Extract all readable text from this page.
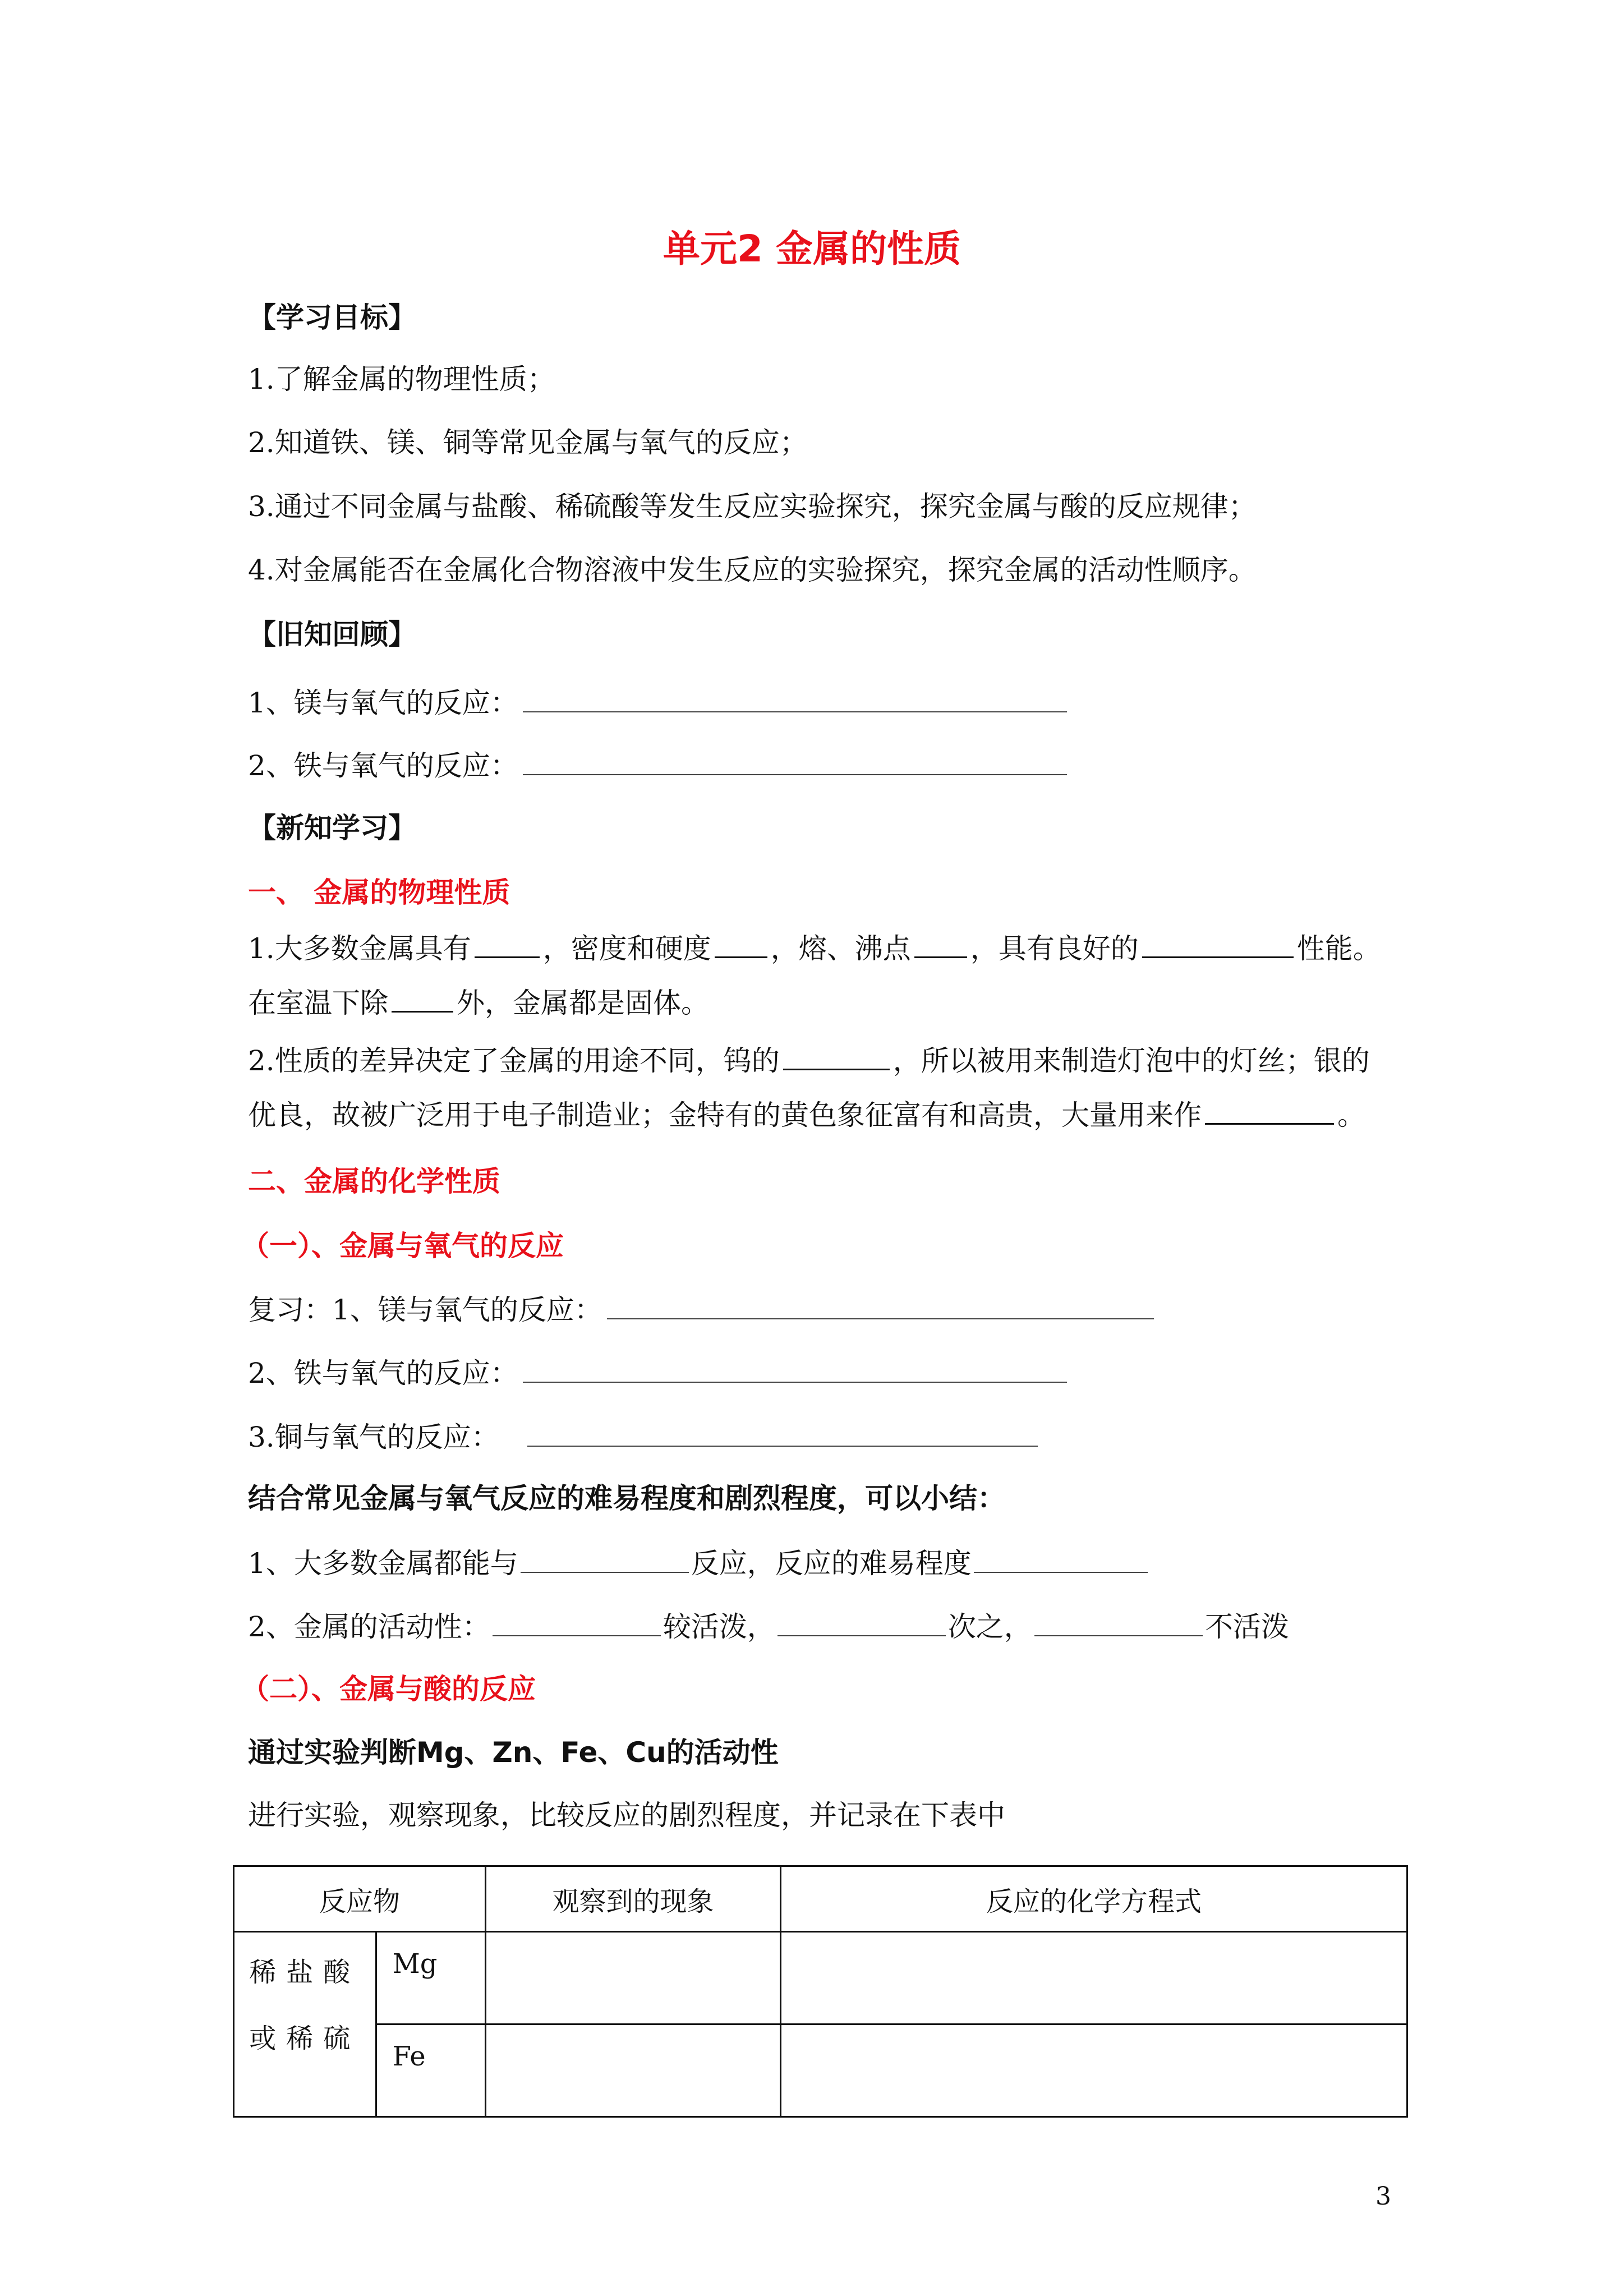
单元2 金属的性质
【学习目标】
1.了解金属的物理性质；
2.知道铁、镁、铜等常见金属与氧气的反应；
3.通过不同金属与盐酸、稀硫酸等发生反应实验探究，探究金属与酸的反应规律；
4.对金属能否在金属化合物溶液中发生反应的实验探究，探究金属的活动性顺序。
【旧知回顾】
1、镁与氧气的反应：
2、铁与氧气的反应：
【新知学习】
一、 金属的物理性质
1.大多数金属具有	，密度和硬度 ，熔、沸点 ，具有良好的	性能。
在室温下除 外，金属都是固体。
2.性质的差异决定了金属的用途不同，钨的	，所以被用来制造灯泡中的灯丝；银的
优良，故被广泛用于电子制造业；金特有的黄色象征富有和高贵，大量用来作	。
二、金属的化学性质
（一）、金属与氧气的反应
复习：1、镁与氧气的反应：
2、铁与氧气的反应：
3.铜与氧气的反应：
结合常见金属与氧气反应的难易程度和剧烈程度，可以小结：
1、大多数金属都能与	反应，反应的难易程度
2、金属的活动性：	较活泼，	次之，	不活泼
（二）、金属与酸的反应
通过实验判断Mg、Zn、Fe、Cu的活动性
进行实验，观察现象，比较反应的剧烈程度，并记录在下表中
反应物		观察到的现象	反应的化学方程式
稀盐酸或稀硫	Mg		
	Fe		
3
